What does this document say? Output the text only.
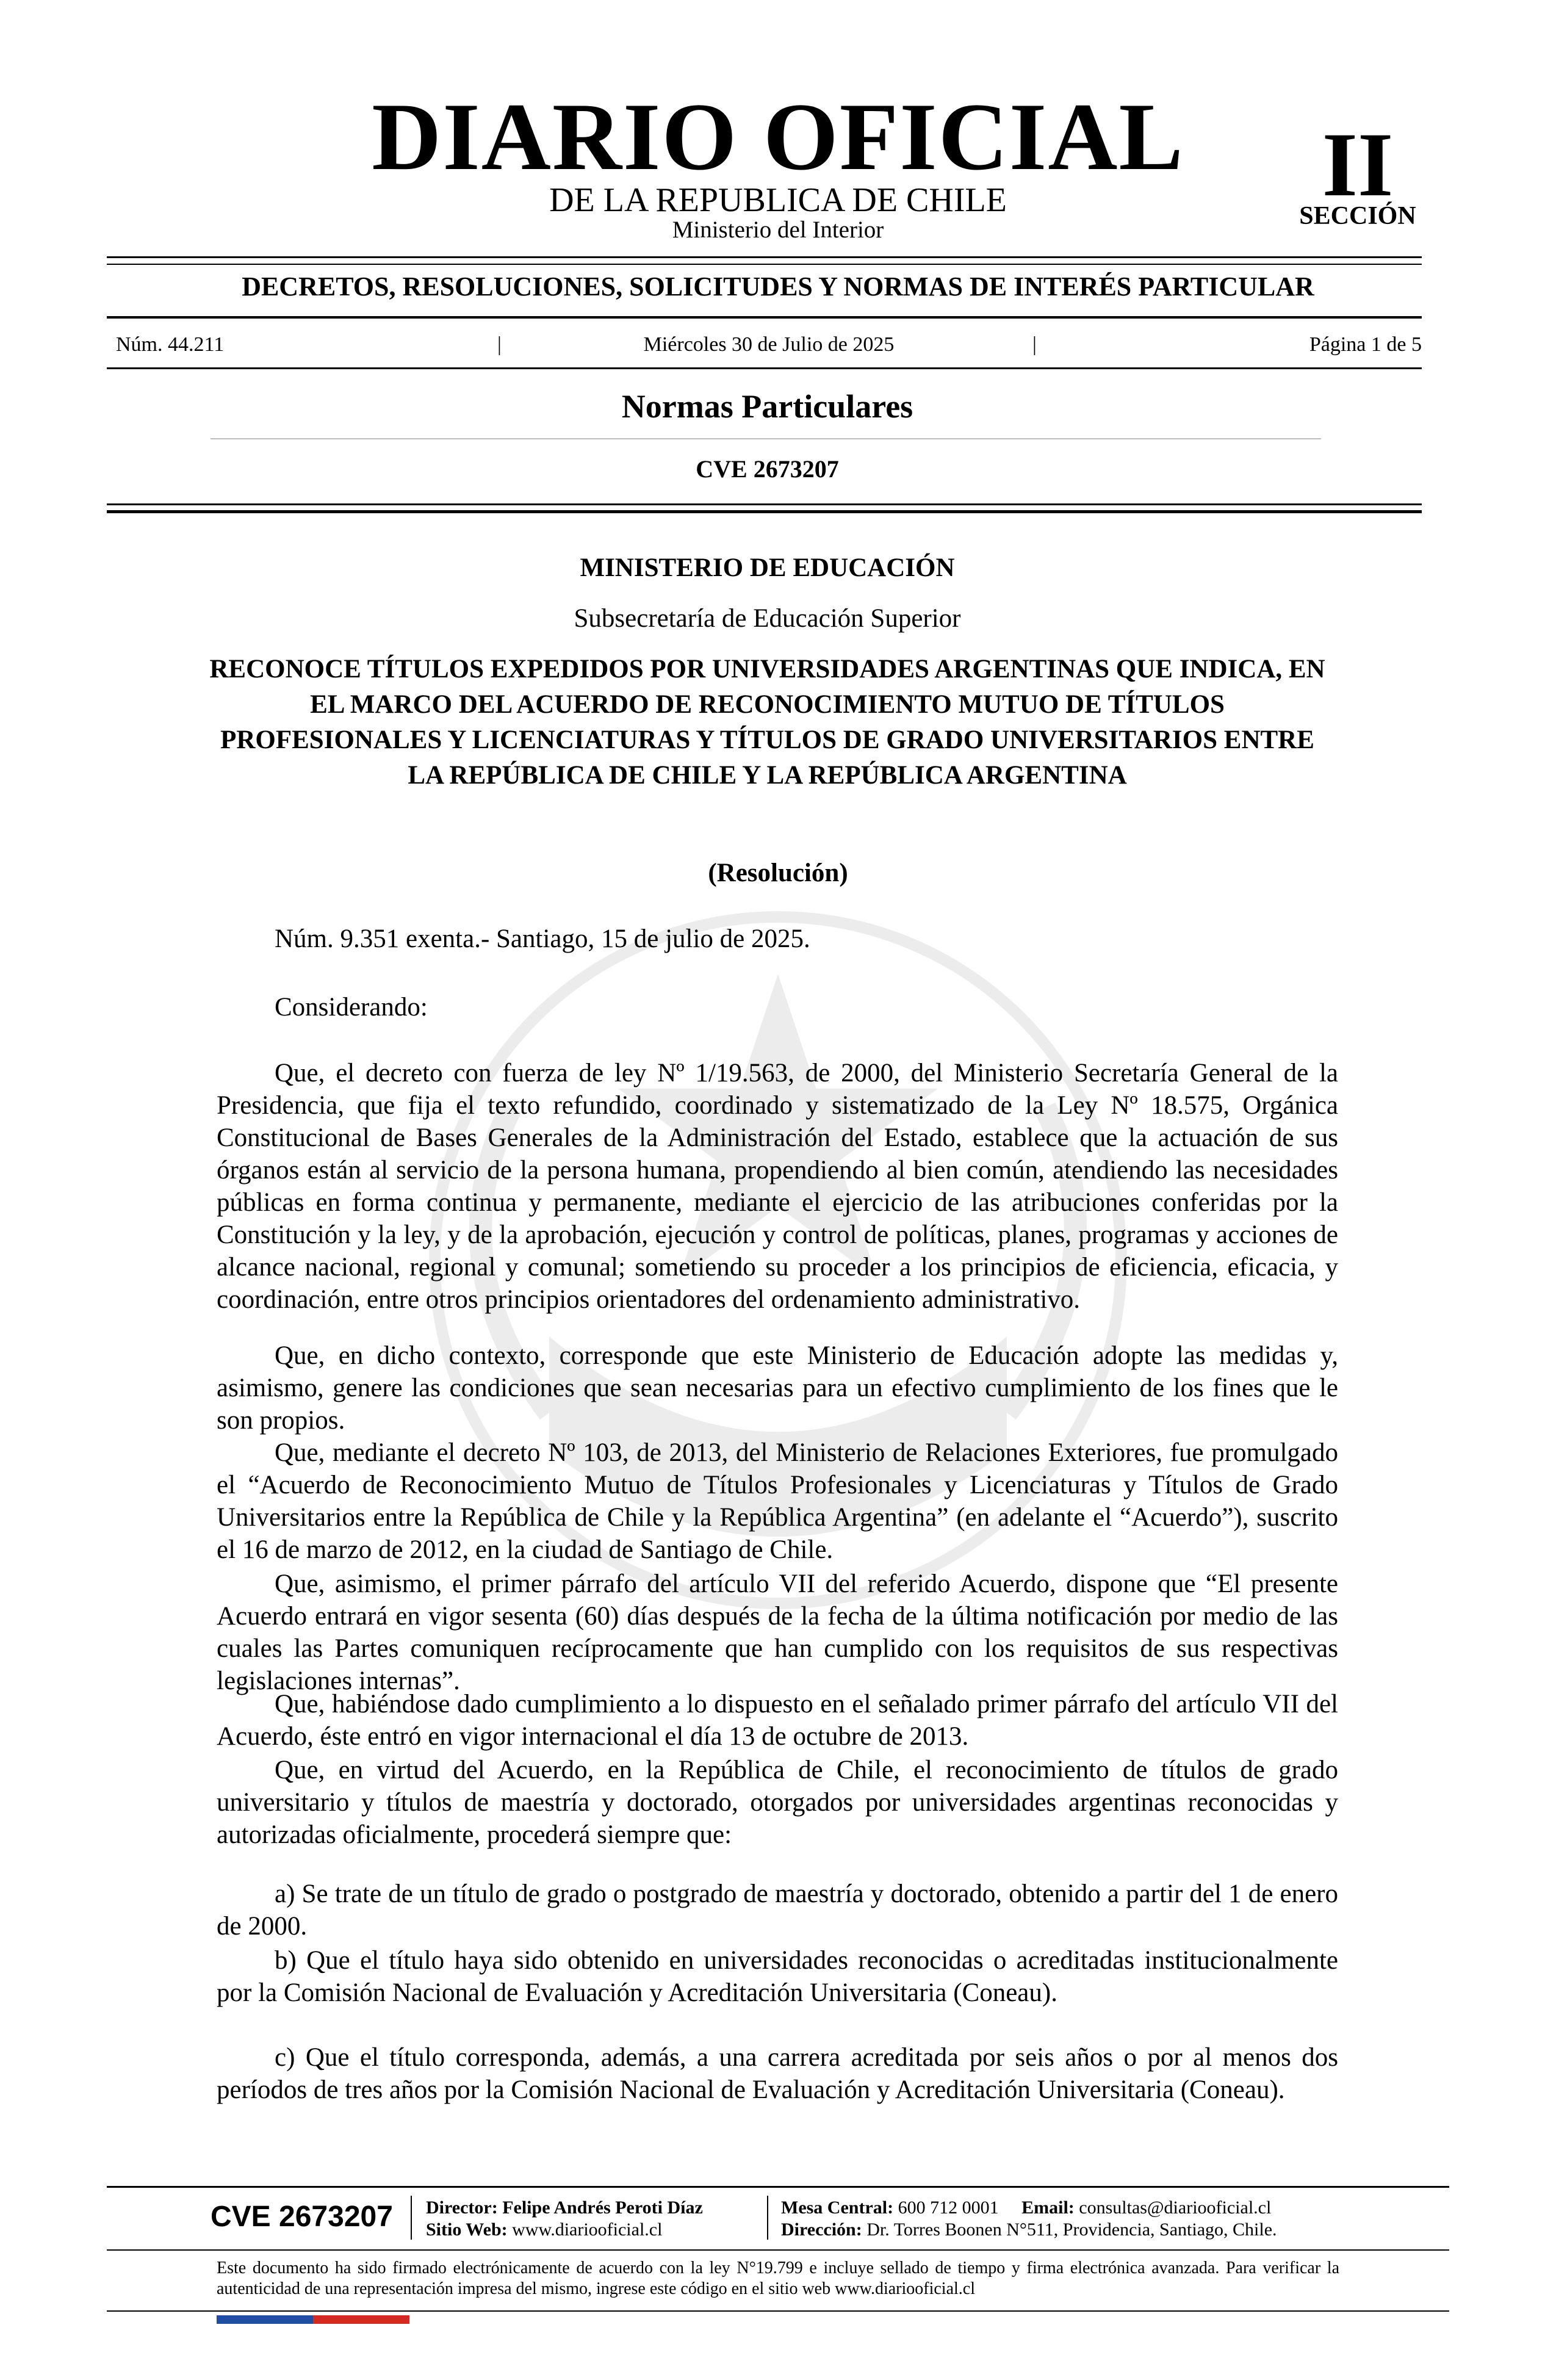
DIARIO OFICIAL
DE LA REPUBLICA DE CHILE
Ministerio del Interior
II
SECCIÓN
DECRETOS, RESOLUCIONES, SOLICITUDES Y NORMAS DE INTERÉS PARTICULAR
Núm. 44.211	|	Miércoles 30 de Julio de 2025	|	Página 1 de 5
Normas Particulares
CVE 2673207
MINISTERIO DE EDUCACIÓN
Subsecretaría de Educación Superior
RECONOCE TÍTULOS EXPEDIDOS POR UNIVERSIDADES ARGENTINAS QUE INDICA, EN EL MARCO DEL ACUERDO DE RECONOCIMIENTO MUTUO DE TÍTULOS PROFESIONALES Y LICENCIATURAS Y TÍTULOS DE GRADO UNIVERSITARIOS ENTRE LA REPÚBLICA DE CHILE Y LA REPÚBLICA ARGENTINA
(Resolución)
Núm. 9.351 exenta.- Santiago, 15 de julio de 2025.
Considerando:
Que, el decreto con fuerza de ley Nº 1/19.563, de 2000, del Ministerio Secretaría General de la Presidencia, que fija el texto refundido, coordinado y sistematizado de la Ley Nº 18.575, Orgánica Constitucional de Bases Generales de la Administración del Estado, establece que la actuación de sus órganos están al servicio de la persona humana, propendiendo al bien común, atendiendo las necesidades públicas en forma continua y permanente, mediante el ejercicio de las atribuciones conferidas por la Constitución y la ley, y de la aprobación, ejecución y control de políticas, planes, programas y acciones de alcance nacional, regional y comunal; sometiendo su proceder a los principios de eficiencia, eficacia, y coordinación, entre otros principios orientadores del ordenamiento administrativo.
Que, en dicho contexto, corresponde que este Ministerio de Educación adopte las medidas y, asimismo, genere las condiciones que sean necesarias para un efectivo cumplimiento de los fines que le son propios.
Que, mediante el decreto Nº 103, de 2013, del Ministerio de Relaciones Exteriores, fue promulgado el “Acuerdo de Reconocimiento Mutuo de Títulos Profesionales y Licenciaturas y Títulos de Grado Universitarios entre la República de Chile y la República Argentina” (en adelante el “Acuerdo”), suscrito el 16 de marzo de 2012, en la ciudad de Santiago de Chile.
Que, asimismo, el primer párrafo del artículo VII del referido Acuerdo, dispone que “El presente Acuerdo entrará en vigor sesenta (60) días después de la fecha de la última notificación por medio de las cuales las Partes comuniquen recíprocamente que han cumplido con los requisitos de sus respectivas legislaciones internas”.
Que, habiéndose dado cumplimiento a lo dispuesto en el señalado primer párrafo del artículo VII del Acuerdo, éste entró en vigor internacional el día 13 de octubre de 2013.
Que, en virtud del Acuerdo, en la República de Chile, el reconocimiento de títulos de grado universitario y títulos de maestría y doctorado, otorgados por universidades argentinas reconocidas y autorizadas oficialmente, procederá siempre que:
a) Se trate de un título de grado o postgrado de maestría y doctorado, obtenido a partir del 1 de enero de 2000.
b) Que el título haya sido obtenido en universidades reconocidas o acreditadas institucionalmente por la Comisión Nacional de Evaluación y Acreditación Universitaria (Coneau).
c) Que el título corresponda, además, a una carrera acreditada por seis años o por al menos dos períodos de tres años por la Comisión Nacional de Evaluación y Acreditación Universitaria (Coneau).
CVE 2673207 Director: Felipe Andrés Peroti Díaz
Sitio Web: www.diariooficial.cl
Mesa Central: 600 712 0001 Email: consultas@diariooficial.cl
Dirección: Dr. Torres Boonen N°511, Providencia, Santiago, Chile.
Este documento ha sido firmado electrónicamente de acuerdo con la ley N°19.799 e incluye sellado de tiempo y firma electrónica avanzada. Para verificar la autenticidad de una representación impresa del mismo, ingrese este código en el sitio web www.diariooficial.cl
